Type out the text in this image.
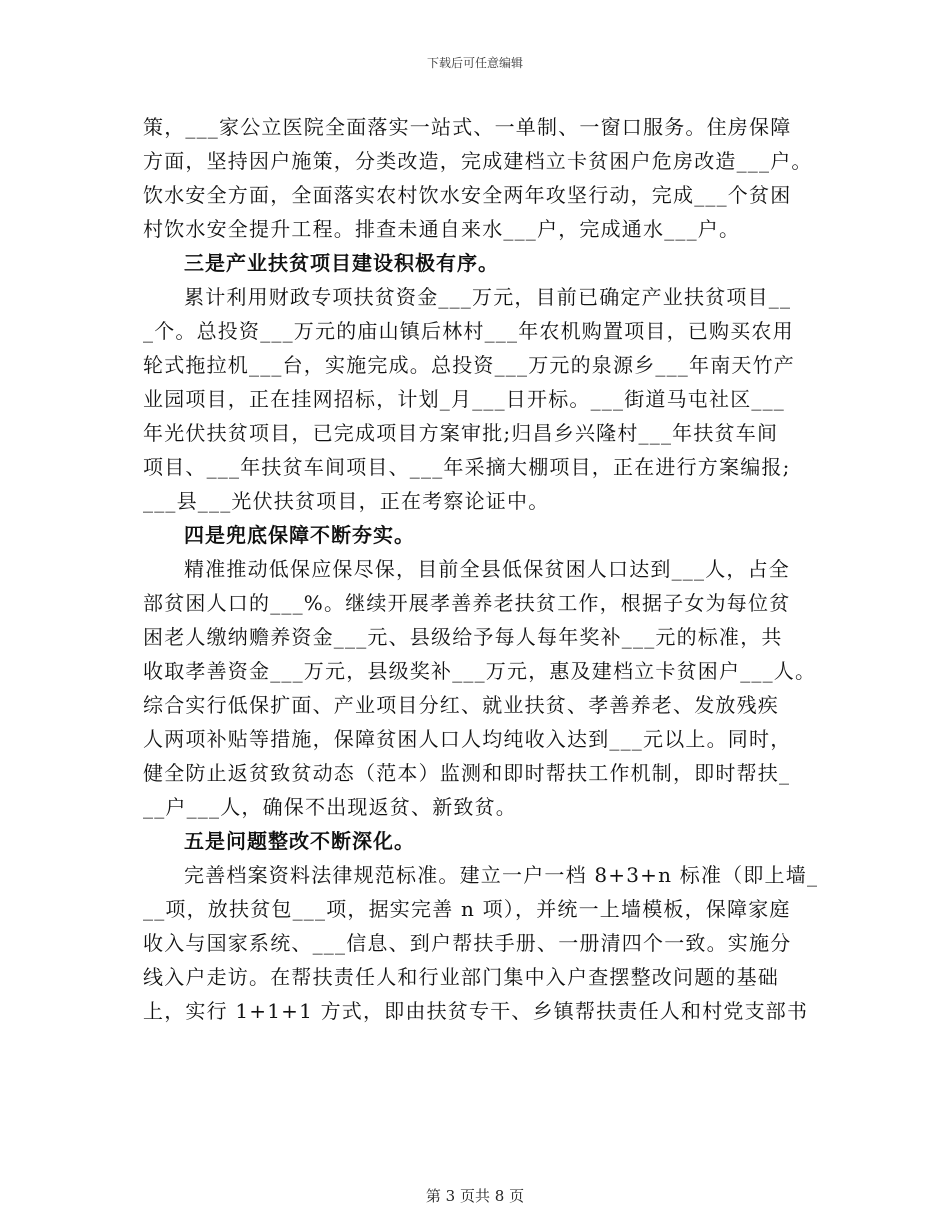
下载后可任意编辑
策，___家公立医院全面落实一站式、一单制、一窗口服务。住房保障
方面，坚持因户施策，分类改造，完成建档立卡贫困户危房改造___户。
饮水安全方面，全面落实农村饮水安全两年攻坚行动，完成___个贫困
村饮水安全提升工程。排查未通自来水___户，完成通水___户。
三是产业扶贫项目建设积极有序。
累计利用财政专项扶贫资金___万元，目前已确定产业扶贫项目__
_个。总投资___万元的庙山镇后林村___年农机购置项目，已购买农用
轮式拖拉机___台，实施完成。总投资___万元的泉源乡___年南天竹产
业园项目，正在挂网招标，计划_月___日开标。___街道马屯社区___
年光伏扶贫项目，已完成项目方案审批;归昌乡兴隆村___年扶贫车间
项目、___年扶贫车间项目、___年采摘大棚项目，正在进行方案编报;
___县___光伏扶贫项目，正在考察论证中。
四是兜底保障不断夯实。
精准推动低保应保尽保，目前全县低保贫困人口达到___人，占全
部贫困人口的___%。继续开展孝善养老扶贫工作，根据子女为每位贫
困老人缴纳赡养资金___元、县级给予每人每年奖补___元的标准，共
收取孝善资金___万元，县级奖补___万元，惠及建档立卡贫困户___人。
综合实行低保扩面、产业项目分红、就业扶贫、孝善养老、发放残疾
人两项补贴等措施，保障贫困人口人均纯收入达到___元以上。同时，
健全防止返贫致贫动态（范本）监测和即时帮扶工作机制，即时帮扶_
__户___人，确保不出现返贫、新致贫。
五是问题整改不断深化。
完善档案资料法律规范标准。建立一户一档 8+3+n 标准（即上墙_
__项，放扶贫包___项，据实完善 n 项），并统一上墙模板，保障家庭
收入与国家系统、___信息、到户帮扶手册、一册清四个一致。实施分
线入户走访。在帮扶责任人和行业部门集中入户查摆整改问题的基础
上，实行 1+1+1 方式，即由扶贫专干、乡镇帮扶责任人和村党支部书
第 3 页共 8 页
